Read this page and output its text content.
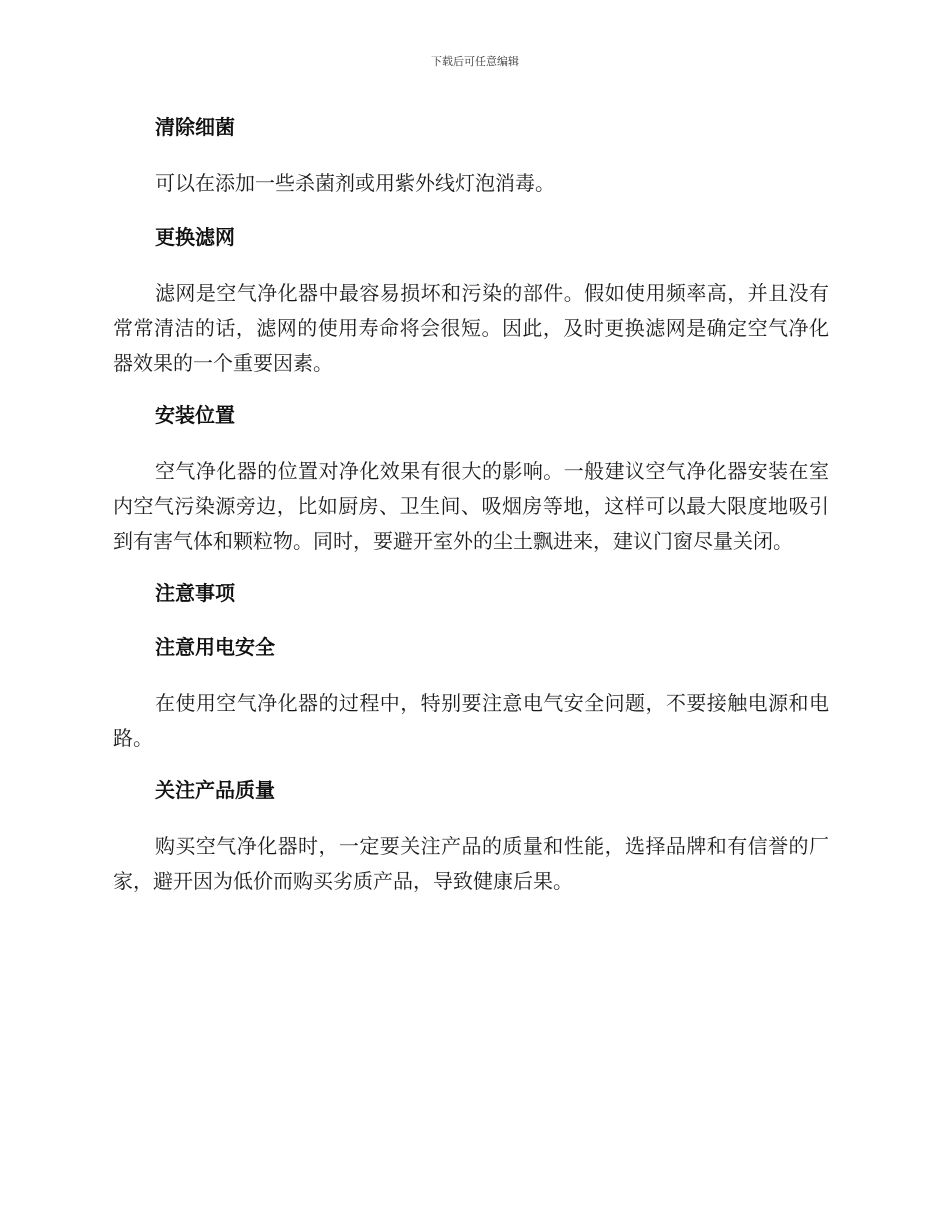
下载后可任意编辑
清除细菌
可以在添加一些杀菌剂或用紫外线灯泡消毒。
更换滤网
滤网是空气净化器中最容易损坏和污染的部件。假如使用频率高，并且没有常常清洁的话，滤网的使用寿命将会很短。因此，及时更换滤网是确定空气净化器效果的一个重要因素。
安装位置
空气净化器的位置对净化效果有很大的影响。一般建议空气净化器安装在室内空气污染源旁边，比如厨房、卫生间、吸烟房等地，这样可以最大限度地吸引到有害气体和颗粒物。同时，要避开室外的尘土飘进来，建议门窗尽量关闭。
注意事项
注意用电安全
在使用空气净化器的过程中，特别要注意电气安全问题，不要接触电源和电路。
关注产品质量
购买空气净化器时，一定要关注产品的质量和性能，选择品牌和有信誉的厂家，避开因为低价而购买劣质产品，导致健康后果。
